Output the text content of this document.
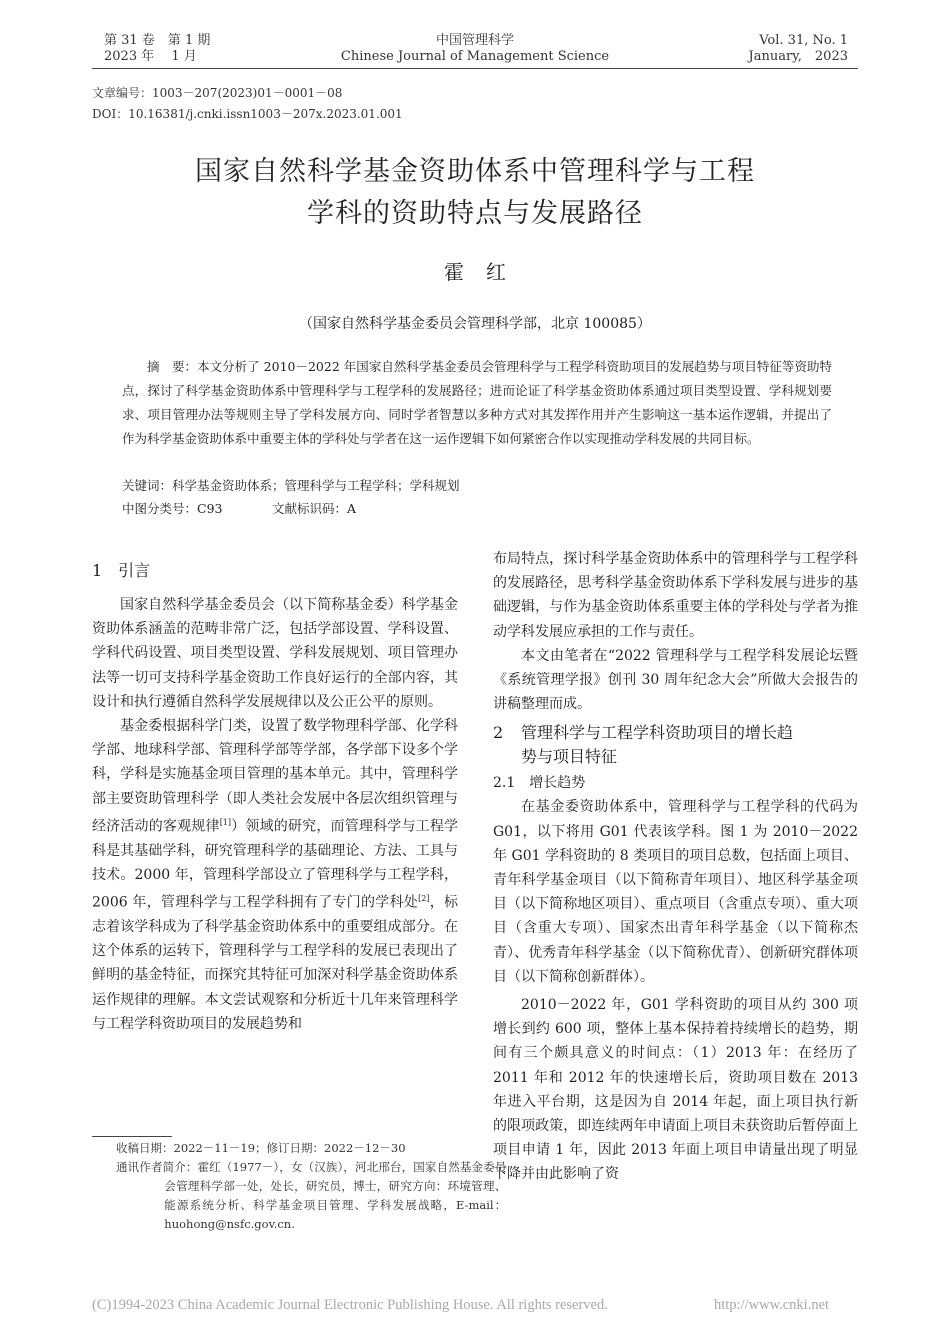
第 31 卷　第 1 期
2023 年　 1 月
中国管理科学
Chinese Journal of Management Science
Vol. 31, No. 1
January,　2023
文章编号：1003－207(2023)01－0001－08
DOI：10.16381/j.cnki.issn1003－207x.2023.01.001
国家自然科学基金资助体系中管理科学与工程
学科的资助特点与发展路径
霍红
（国家自然科学基金委员会管理科学部，北京 100085）
摘　要：本文分析了 2010－2022 年国家自然科学基金委员会管理科学与工程学科资助项目的发展趋势与项目特征等资助特点，探讨了科学基金资助体系中管理科学与工程学科的发展路径；进而论证了科学基金资助体系通过项目类型设置、学科规划要求、项目管理办法等规则主导了学科发展方向、同时学者智慧以多种方式对其发挥作用并产生影响这一基本运作逻辑，并提出了作为科学基金资助体系中重要主体的学科处与学者在这一运作逻辑下如何紧密合作以实现推动学科发展的共同目标。
关键词：科学基金资助体系；管理科学与工程学科；学科规划
中图分类号：C93	文献标识码：A
1　引言

国家自然科学基金委员会（以下简称基金委）科学基金资助体系涵盖的范畴非常广泛，包括学部设置、学科设置、学科代码设置、项目类型设置、学科发展规划、项目管理办法等一切可支持科学基金资助工作良好运行的全部内容，其设计和执行遵循自然科学发展规律以及公正公平的原则。

基金委根据科学门类，设置了数学物理科学部、化学科学部、地球科学部、管理科学部等学部，各学部下设多个学科，学科是实施基金项目管理的基本单元。其中，管理科学部主要资助管理科学（即人类社会发展中各层次组织管理与经济活动的客观规律[1]）领域的研究，而管理科学与工程学科是其基础学科，研究管理科学的基础理论、方法、工具与技术。2000 年，管理科学部设立了管理科学与工程学科，2006 年，管理科学与工程学科拥有了专门的学科处[2]，标志着该学科成为了科学基金资助体系中的重要组成部分。在这个体系的运转下，管理科学与工程学科的发展已表现出了鲜明的基金特征，而探究其特征可加深对科学基金资助体系运作规律的理解。本文尝试观察和分析近十几年来管理科学与工程学科资助项目的发展趋势和

收稿日期：2022－11－19；修订日期：2022－12－30
通讯作者简介：霍红（1977－），女（汉族），河北邢台，国家自然基金委员会管理科学部一处，处长，研究员，博士，研究方向：环境管理、能源系统分析、科学基金项目管理、学科发展战略，E-mail：huohong@nsfc.gov.cn.

布局特点，探讨科学基金资助体系中的管理科学与工程学科的发展路径，思考科学基金资助体系下学科发展与进步的基础逻辑，与作为基金资助体系重要主体的学科处与学者为推动学科发展应承担的工作与责任。

本文由笔者在“2022 管理科学与工程学科发展论坛暨《系统管理学报》创刊 30 周年纪念大会”所做大会报告的讲稿整理而成。

2	管理科学与工程学科资助项目的增长趋
势与项目特征
2.1　增长趋势

在基金委资助体系中，管理科学与工程学科的代码为 G01，以下将用 G01 代表该学科。图 1 为 2010－2022 年 G01 学科资助的 8 类项目的项目总数，包括面上项目、青年科学基金项目（以下简称青年项目）、地区科学基金项目（以下简称地区项目）、重点项目（含重点专项）、重大项目（含重大专项）、国家杰出青年科学基金（以下简称杰青）、优秀青年科学基金（以下简称优青）、创新研究群体项目（以下简称创新群体）。

2010－2022 年，G01 学科资助的项目从约 300 项增长到约 600 项，整体上基本保持着持续增长的趋势，期间有三个颇具意义的时间点：（1）2013 年：在经历了 2011 年和 2012 年的快速增长后，资助项目数在 2013 年进入平台期，这是因为自 2014 年起，面上项目执行新的限项政策，即连续两年申请面上项目未获资助后暂停面上项目申请 1 年，因此 2013 年面上项目申请量出现了明显下降并由此影响了资

(C)1994-2023 China Academic Journal Electronic Publishing House. All rights reserved.	http://www.cnki.net
